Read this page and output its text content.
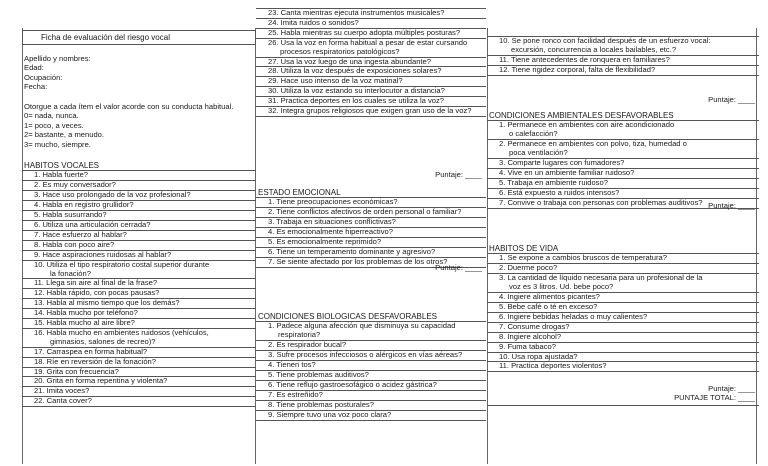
Ficha de evaluación del riesgo vocal
Apellido y nombres:
Edad:
Ocupación:
Fecha:
Otorgue a cada ítem el valor acorde con su conducta habitual.
0= nada, nunca.
1= poco, a veces.
2= bastante, a menudo.
3= mucho, siempre.
HABITOS VOCALES
1. Habla fuerte?
2. Es muy conversador?
3. Hace uso prolongado de la voz profesional?
4. Habla en registro grullidor?
5. Habla susurrando?
6. Utiliza una articulación cerrada?
7. Hace esfuerzo al hablar?
8. Habla con poco aire?
9. Hace aspiraciones ruidosas al hablar?
10. Utiliza el tipo respiratorio costal superior durante
la fonación?
11. Llega sin aire al final de la frase?
12. Habla rápido, con pocas pausas?
13. Habla al mismo tiempo que los demás?
14. Habla mucho por teléfono?
15. Habla mucho al aire libre?
16. Habla mucho en ambientes ruidosos (vehículos,
gimnasios, salones de recreo)?
17. Carraspea en forma habitual?
18. Ríe en reversión de la fonación?
19. Grita con frecuencia?
20. Grita en forma repentina y violenta?
21. Imita voces?
22. Canta cover?
23. Canta mientras ejecuta instrumentos musicales?
24. Imita ruidos o sonidos?
25. Habla mientras su cuerpo adopta múltiples posturas?
26. Usa la voz en forma habitual a pesar de estar cursando
procesos respiratorios patológicos?
27. Usa la voz luego de una ingesta abundante?
28. Utiliza la voz después de exposiciones solares?
29. Hace uso intenso de la voz matinal?
30. Utiliza la voz estando su interlocutor a distancia?
31. Practica deportes en los cuales se utiliza la voz?
32. Integra grupos religiosos que exigen gran uso de la voz?
Puntaje: ____
ESTADO EMOCIONAL
1. Tiene preocupaciones económicas?
2. Tiene conflictos afectivos de orden personal o familiar?
3. Trabaja en situaciones conflictivas?
4. Es emocionalmente hiperreactivo?
5. Es emocionalmente reprimido?
6. Tiene un temperamento dominante y agresivo?
7. Se siente afectado por los problemas de los otros?
Puntaje: ____
CONDICIONES BIOLOGICAS DESFAVORABLES
1. Padece alguna afección que disminuya su capacidad
respiratoria?
2. Es respirador bucal?
3. Sufre procesos infecciosos o alérgicos en vías aéreas?
4. Tienen tos?
5. Tiene problemas auditivos?
6. Tiene reflujo gastroesofágico o acidez gástrica?
7. Es estreñido?
8. Tiene problemas posturales?
9. Siempre tuvo una voz poco clara?
10. Se pone ronco con facilidad después de un esfuerzo vocal:
excursión, concurrencia a locales bailables, etc.?
11. Tiene antecedentes de ronquera en familiares?
12. Tiene rigidez corporal, falta de flexibilidad?
Puntaje: ____
CONDICIONES AMBIENTALES DESFAVORABLES
1. Permanece en ambientes con aire acondicionado
o calefacción?
2. Permanece en ambientes con polvo, tiza, humedad o
poca ventilación?
3. Comparte lugares con fumadores?
4. Vive en un ambiente familiar ruidoso?
5. Trabaja en ambiente ruidoso?
6. Está expuesto a ruidos intensos?
7. Convive o trabaja con personas con problemas auditivos? Puntaje: ____
HABITOS DE VIDA
1. Se expone a cambios bruscos de temperatura?
2. Duerme poco?
3. La cantidad de líquido necesaria para un profesional de la
voz es 3 litros. Ud. bebe poco?
4. Ingiere alimentos picantes?
5. Bebe café o té en exceso?
6. Ingiere bebidas heladas o muy calientes?
7. Consume drogas?
8. Ingiere alcohol?
9. Fuma tabaco?
10. Usa ropa ajustada?
11. Practica deportes violentos?
Puntaje: ____
PUNTAJE TOTAL: ____
